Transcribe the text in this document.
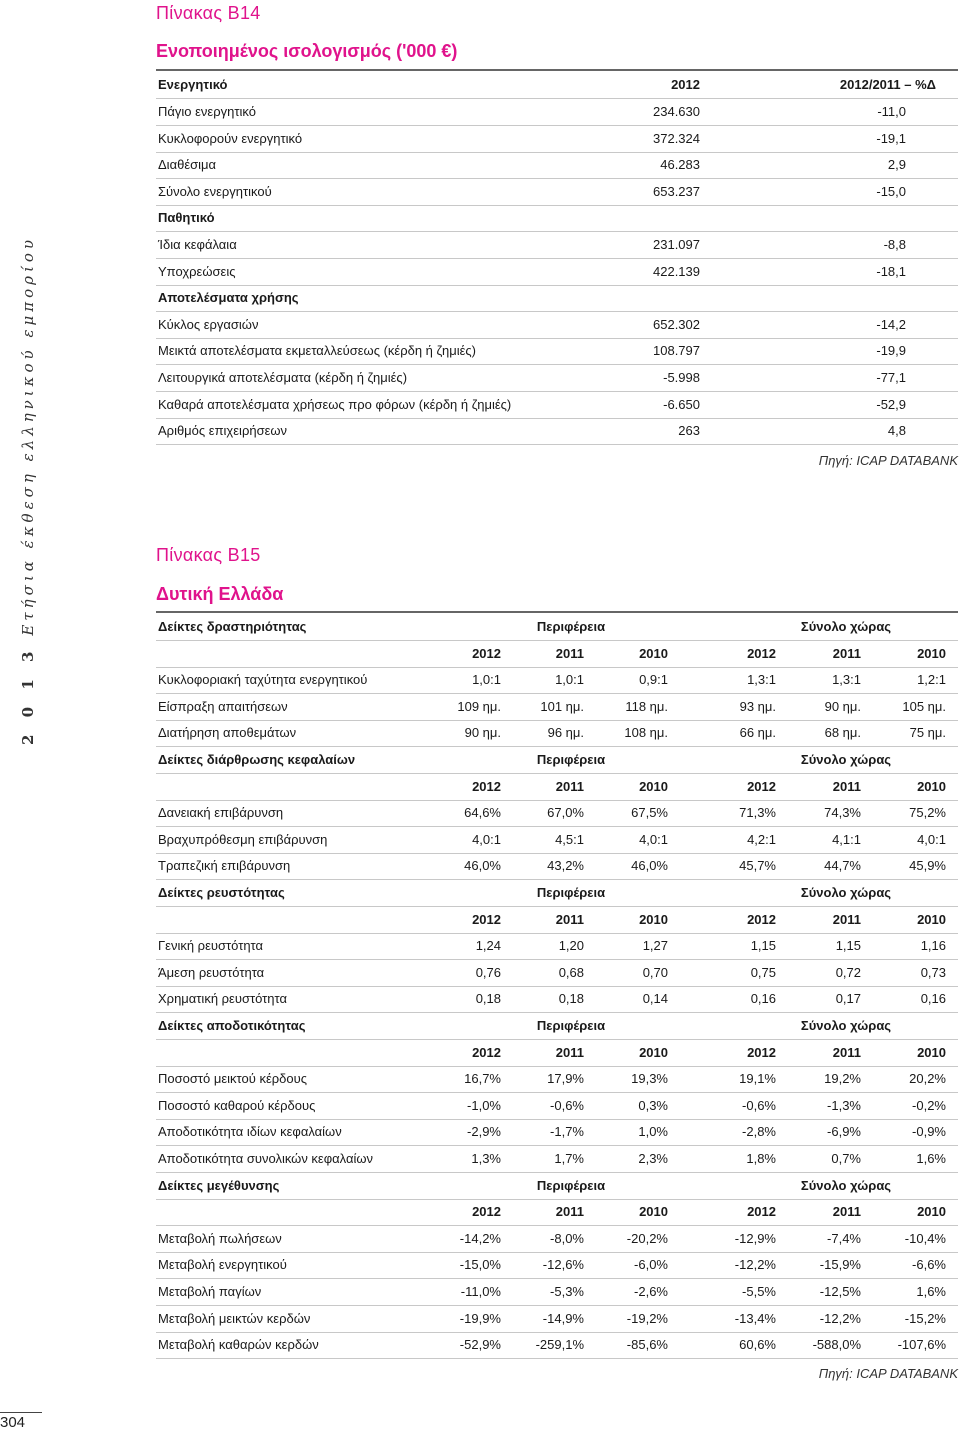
2 0 1 3Ετήσια έκθεση ελληνικού εμπορίου
304
Πίνακας Β14
Ενοποιημένος ισολογισμός ('000 €)
Ενεργητικό	2012	2012/2011 – %Δ
Πάγιο ενεργητικό	234.630	-11,0
Κυκλοφορούν ενεργητικό	372.324	-19,1
Διαθέσιμα	46.283	2,9
Σύνολο ενεργητικού	653.237	-15,0
Παθητικό
Ίδια κεφάλαια	231.097	-8,8
Υποχρεώσεις	422.139	-18,1
Αποτελέσματα χρήσης
Κύκλος εργασιών	652.302	-14,2
Μεικτά αποτελέσματα εκμεταλλεύσεως (κέρδη ή ζημιές)	108.797	-19,9
Λειτουργικά αποτελέσματα (κέρδη ή ζημιές)	-5.998	-77,1
Καθαρά αποτελέσματα χρήσεως προ φόρων (κέρδη ή ζημιές)	-6.650	-52,9
Αριθμός επιχειρήσεων	263	4,8
Πηγή: ICAP DATABANK
Πίνακας Β15
Δυτική Ελλάδα
Δείκτες δραστηριότητας	Περιφέρεια	Σύνολο χώρας
2012	2011	2010	2012	2011	2010
Κυκλοφοριακή ταχύτητα ενεργητικού	1,0:1	1,0:1	0,9:1	1,3:1	1,3:1	1,2:1
Είσπραξη απαιτήσεων	109 ημ.	101 ημ.	118 ημ.	93 ημ.	90 ημ.	105 ημ.
Διατήρηση αποθεμάτων	90 ημ.	96 ημ.	108 ημ.	66 ημ.	68 ημ.	75 ημ.
Δείκτες διάρθρωσης κεφαλαίων	Περιφέρεια	Σύνολο χώρας
2012	2011	2010	2012	2011	2010
Δανειακή επιβάρυνση	64,6%	67,0%	67,5%	71,3%	74,3%	75,2%
Βραχυπρόθεσμη επιβάρυνση	4,0:1	4,5:1	4,0:1	4,2:1	4,1:1	4,0:1
Τραπεζική επιβάρυνση	46,0%	43,2%	46,0%	45,7%	44,7%	45,9%
Δείκτες ρευστότητας	Περιφέρεια	Σύνολο χώρας
2012	2011	2010	2012	2011	2010
Γενική ρευστότητα	1,24	1,20	1,27	1,15	1,15	1,16
Άμεση ρευστότητα	0,76	0,68	0,70	0,75	0,72	0,73
Χρηματική ρευστότητα	0,18	0,18	0,14	0,16	0,17	0,16
Δείκτες αποδοτικότητας	Περιφέρεια	Σύνολο χώρας
2012	2011	2010	2012	2011	2010
Ποσοστό μεικτού κέρδους	16,7%	17,9%	19,3%	19,1%	19,2%	20,2%
Ποσοστό καθαρού κέρδους	-1,0%	-0,6%	0,3%	-0,6%	-1,3%	-0,2%
Αποδοτικότητα ιδίων κεφαλαίων	-2,9%	-1,7%	1,0%	-2,8%	-6,9%	-0,9%
Αποδοτικότητα συνολικών κεφαλαίων	1,3%	1,7%	2,3%	1,8%	0,7%	1,6%
Δείκτες μεγέθυνσης	Περιφέρεια	Σύνολο χώρας
2012	2011	2010	2012	2011	2010
Μεταβολή πωλήσεων	-14,2%	-8,0%	-20,2%	-12,9%	-7,4%	-10,4%
Μεταβολή ενεργητικού	-15,0%	-12,6%	-6,0%	-12,2%	-15,9%	-6,6%
Μεταβολή παγίων	-11,0%	-5,3%	-2,6%	-5,5%	-12,5%	1,6%
Μεταβολή μεικτών κερδών	-19,9%	-14,9%	-19,2%	-13,4%	-12,2%	-15,2%
Μεταβολή καθαρών κερδών	-52,9%	-259,1%	-85,6%	60,6%	-588,0%	-107,6%
Πηγή: ICAP DATABANK
